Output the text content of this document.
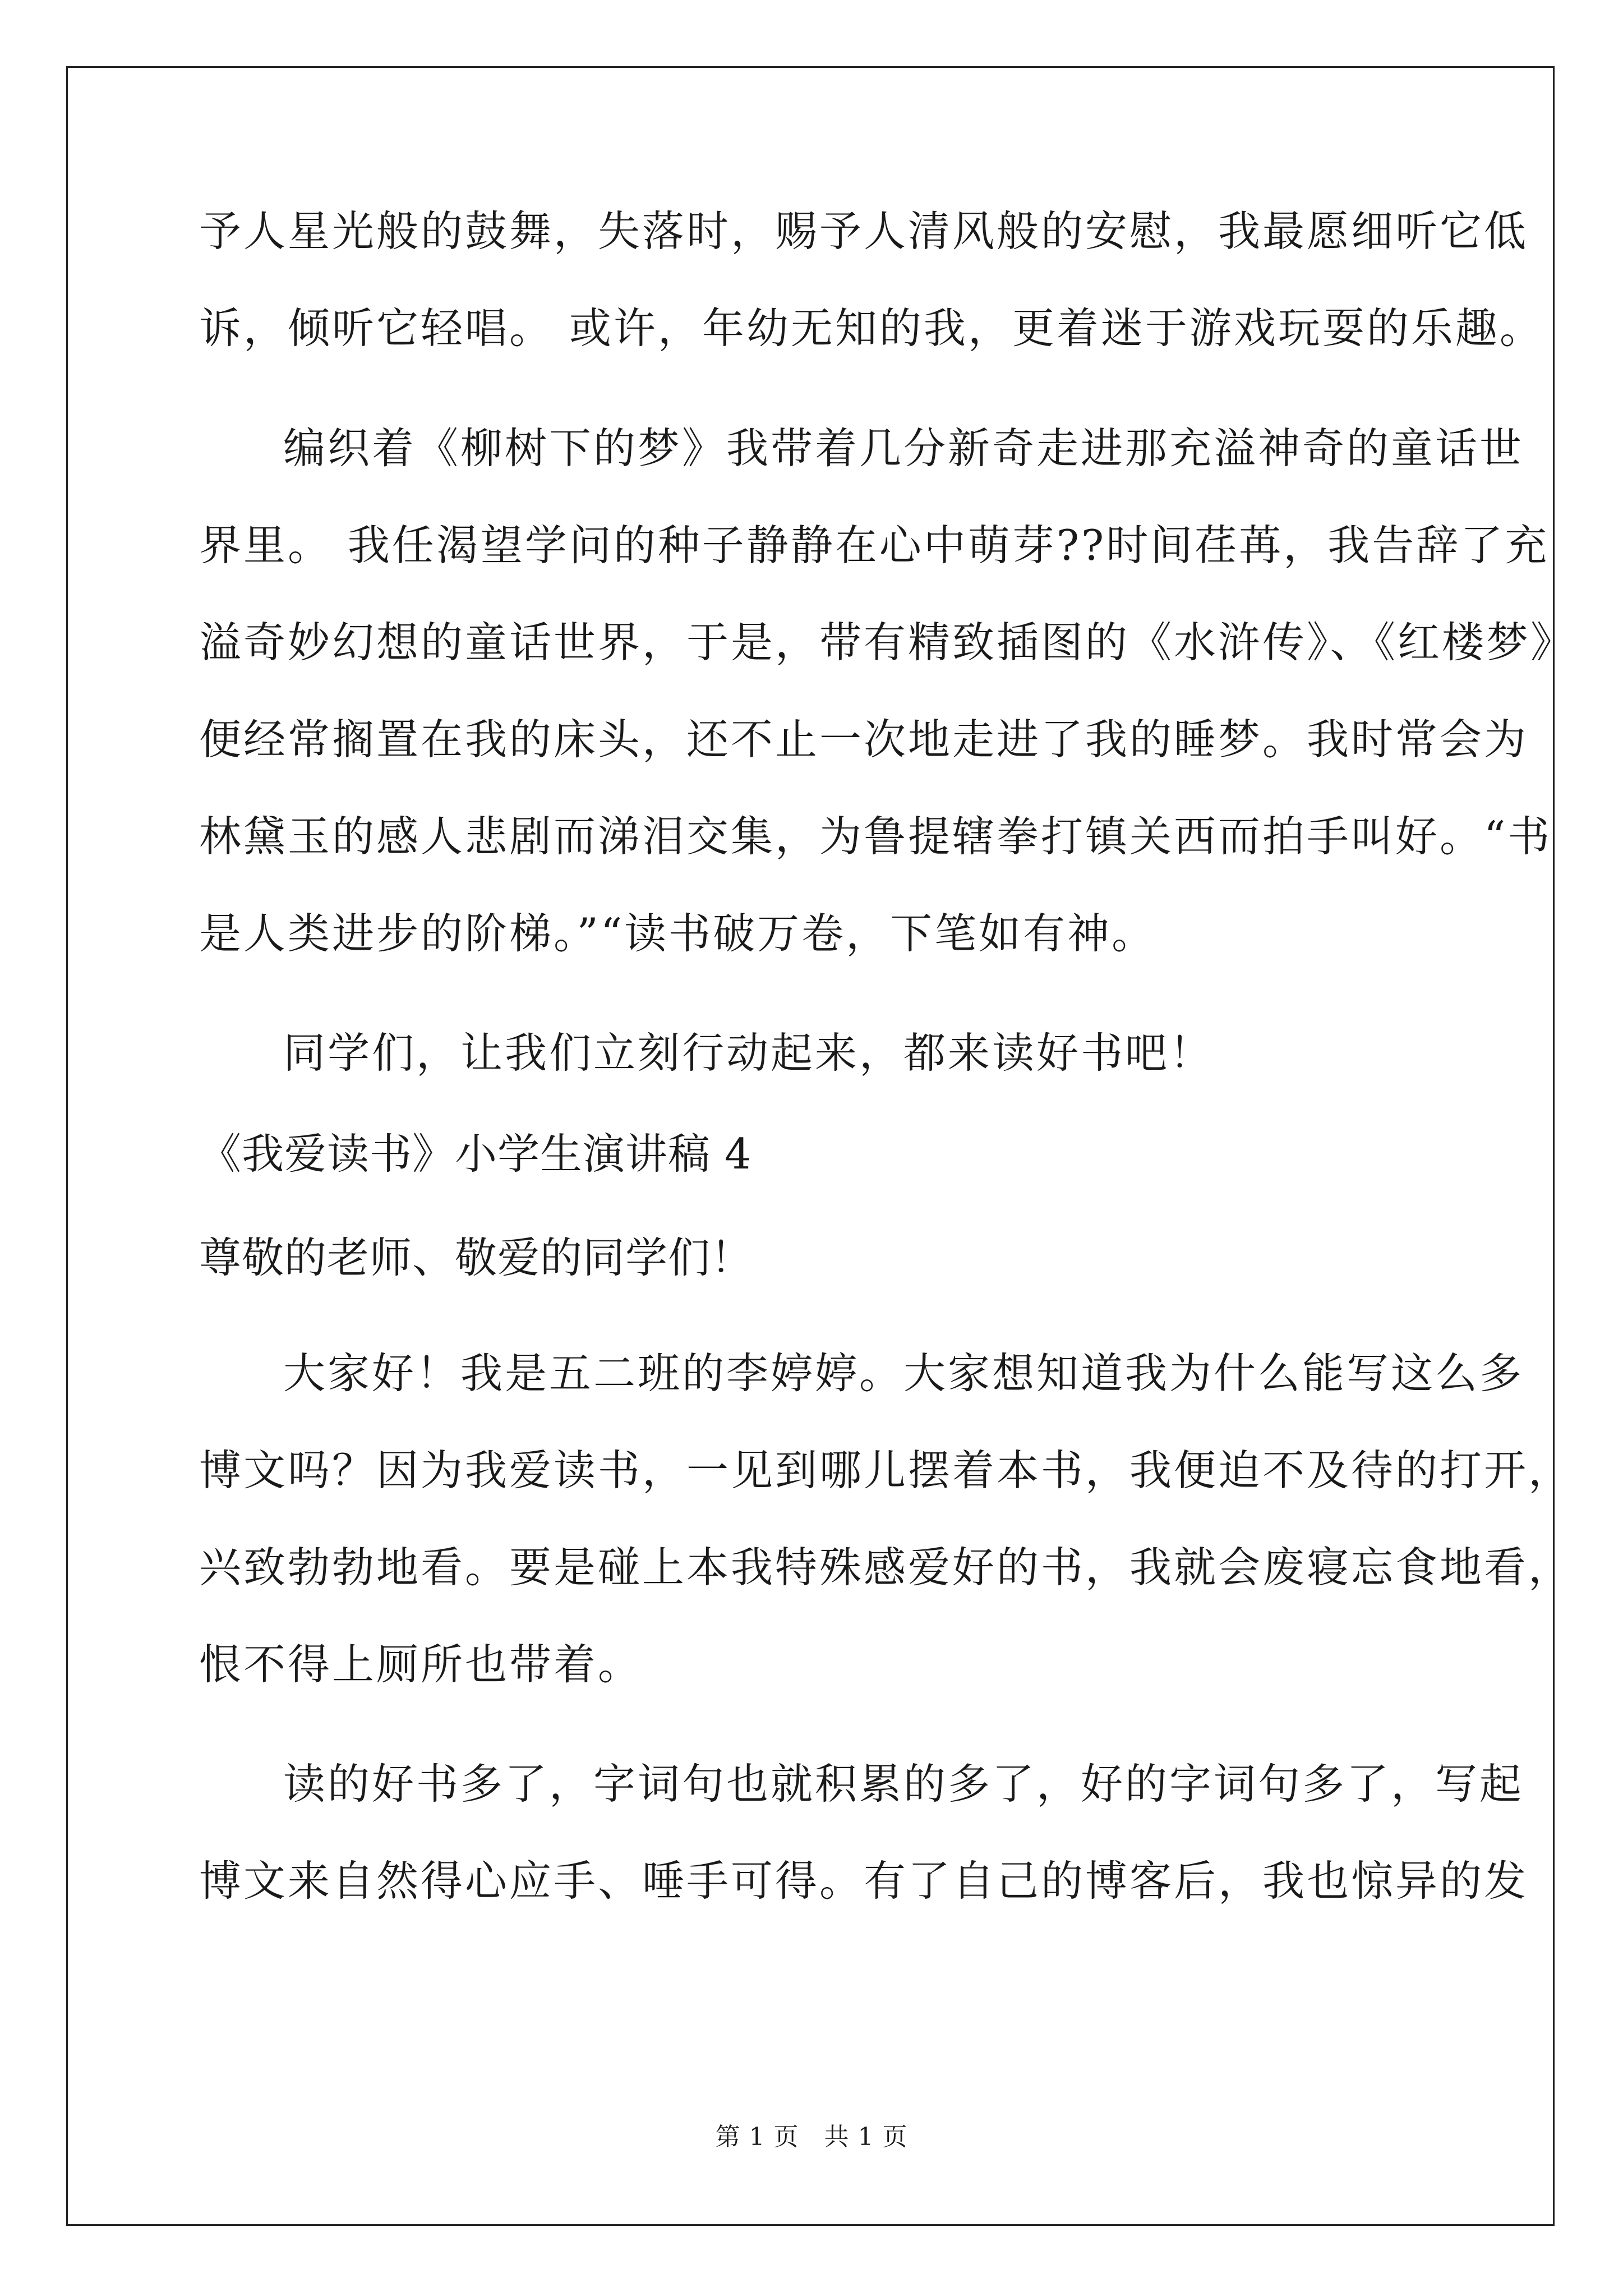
予人星光般的鼓舞，失落时，赐予人清风般的安慰，我最愿细听它低
诉，倾听它轻唱。 或许，年幼无知的我，更着迷于游戏玩耍的乐趣。
编织着《柳树下的梦》我带着几分新奇走进那充溢神奇的童话世
界里。 我任渴望学问的种子静静在心中萌芽??时间荏苒，我告辞了充
溢奇妙幻想的童话世界，于是，带有精致插图的《水浒传》、《红楼梦》
便经常搁置在我的床头，还不止一次地走进了我的睡梦。我时常会为
林黛玉的感人悲剧而涕泪交集，为鲁提辖拳打镇关西而拍手叫好。“书
是人类进步的阶梯。”“读书破万卷，下笔如有神。
同学们，让我们立刻行动起来，都来读好书吧！
《我爱读书》小学生演讲稿 4
尊敬的老师、敬爱的同学们！
大家好！我是五二班的李婷婷。大家想知道我为什么能写这么多
博文吗？因为我爱读书，一见到哪儿摆着本书，我便迫不及待的打开，
兴致勃勃地看。要是碰上本我特殊感爱好的书，我就会废寝忘食地看，
恨不得上厕所也带着。
读的好书多了，字词句也就积累的多了，好的字词句多了，写起
博文来自然得心应手、唾手可得。有了自己的博客后，我也惊异的发
第 1 页　共 1 页
